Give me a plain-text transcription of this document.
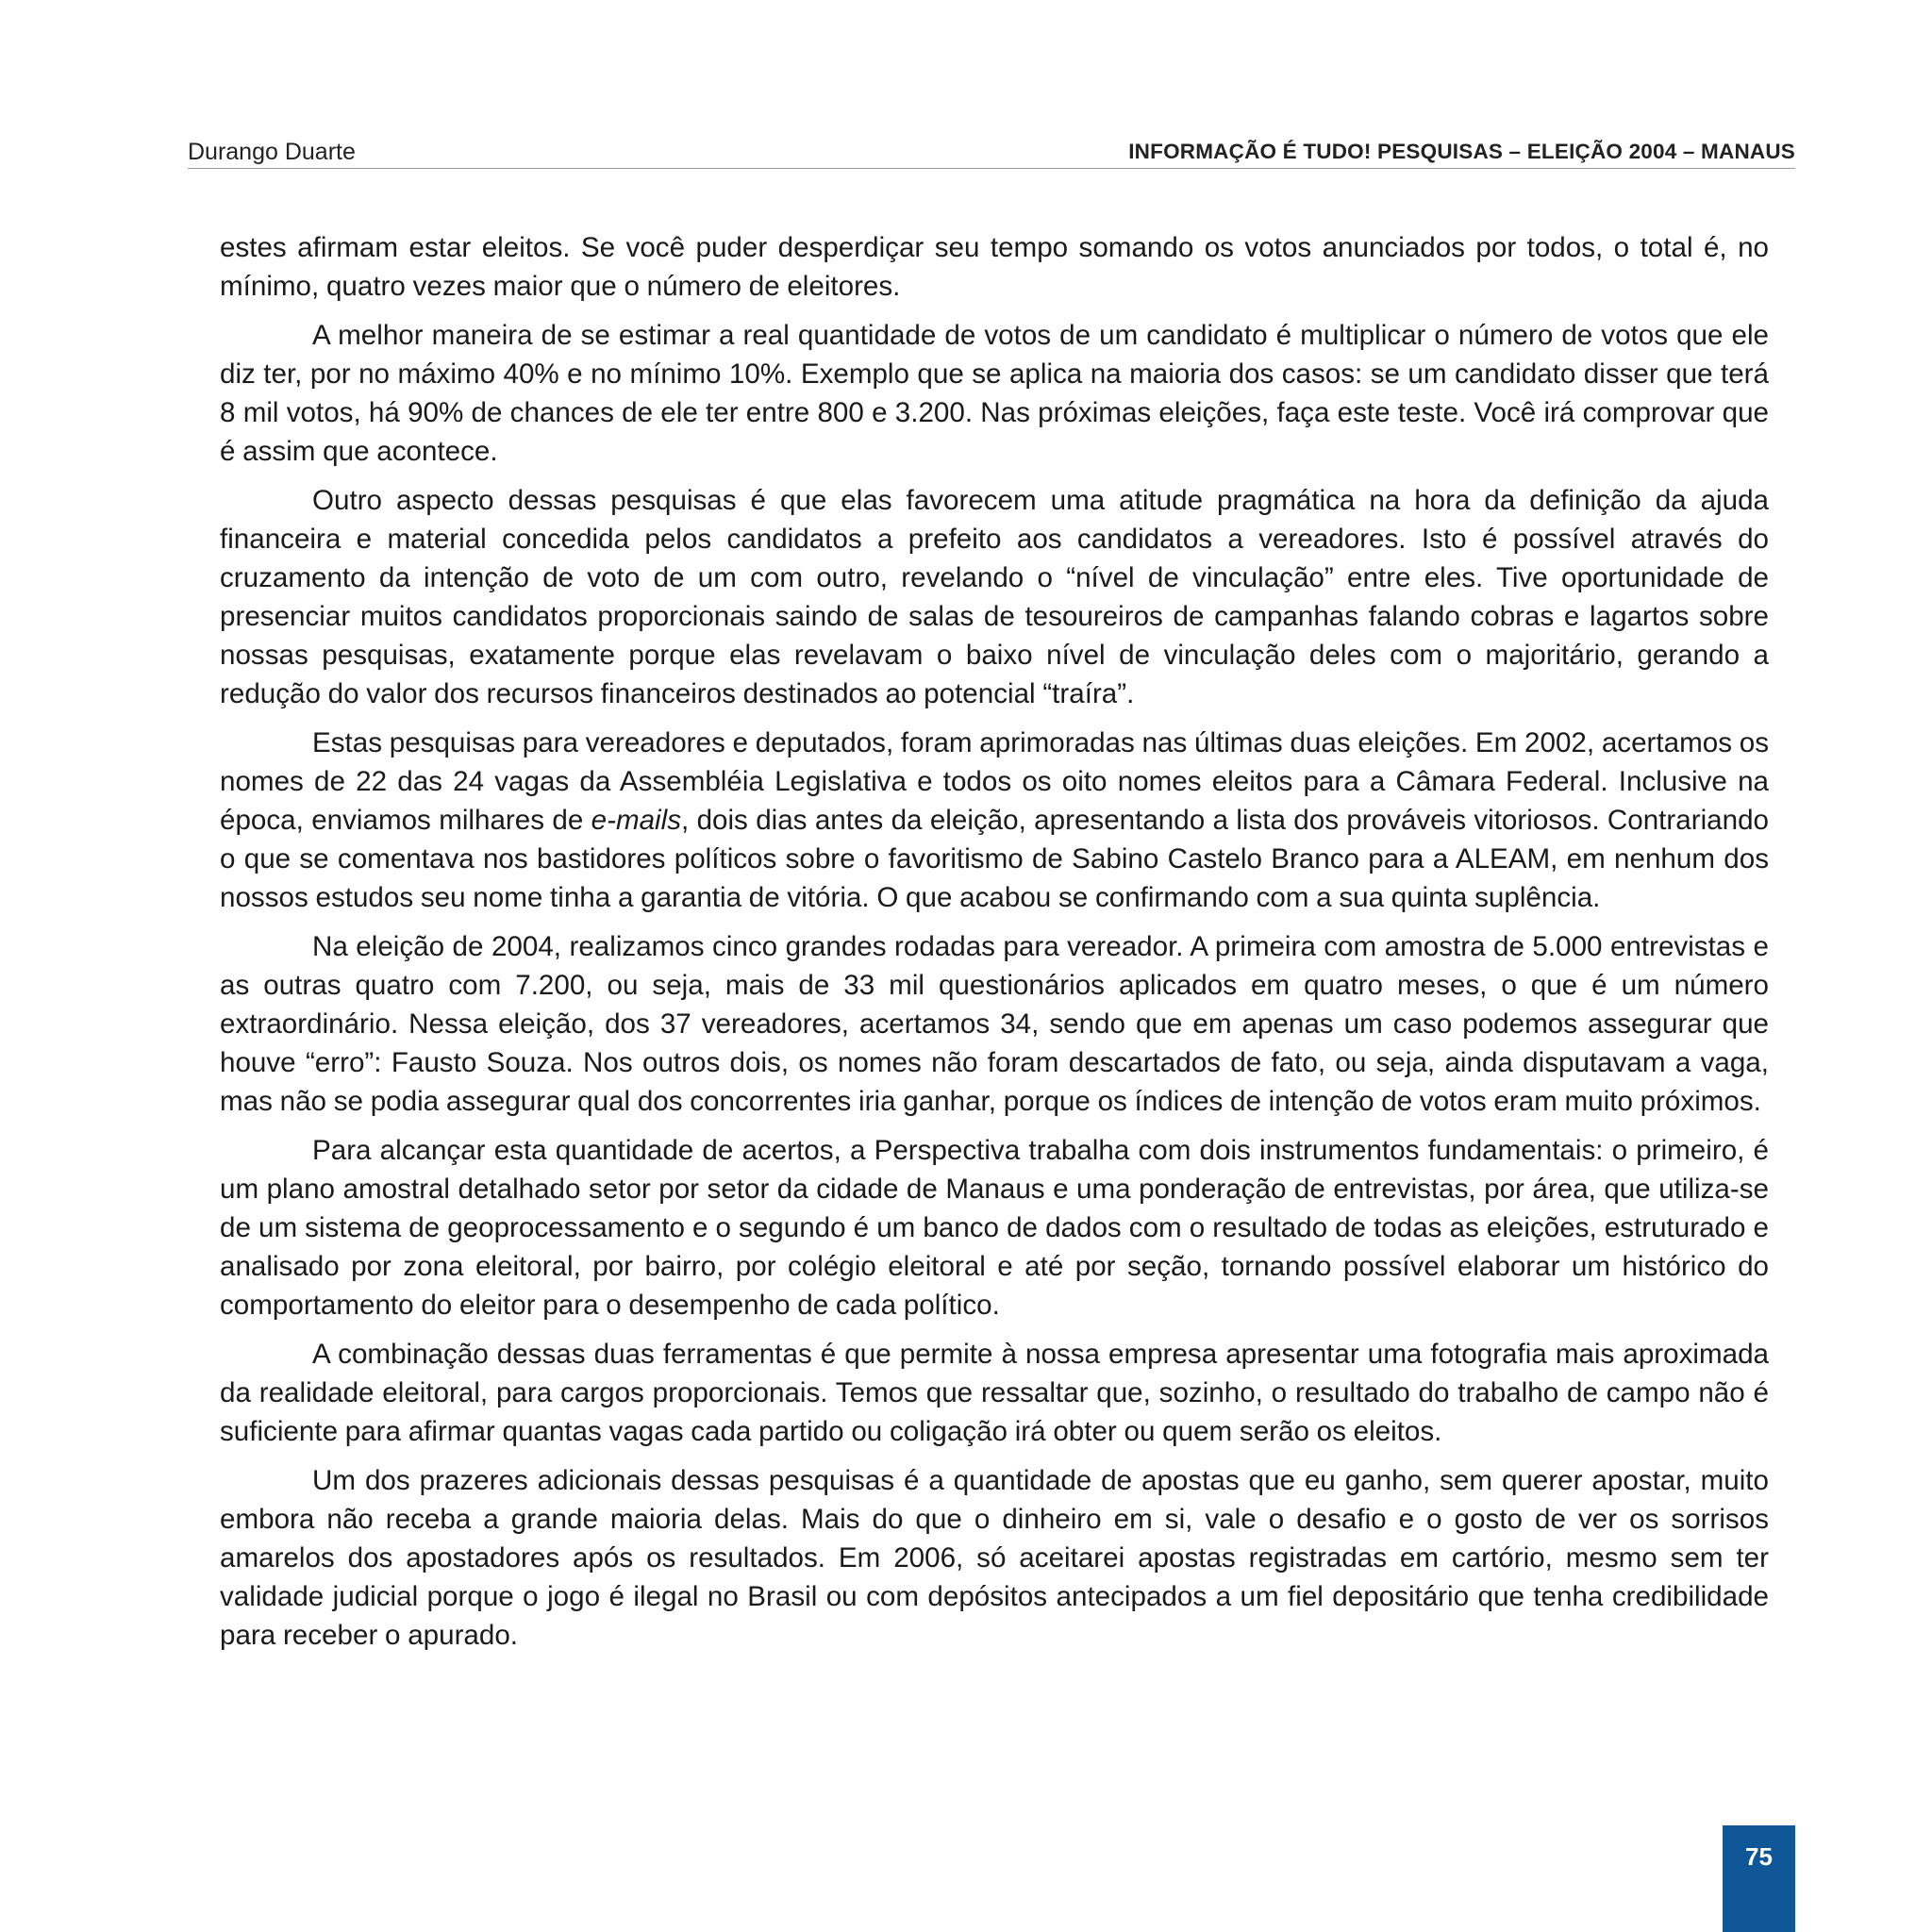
Durango Duarte	INFORMAÇÃO É TUDO! PESQUISAS – ELEIÇÃO 2004 – MANAUS

estes afirmam estar eleitos. Se você puder desperdiçar seu tempo somando os votos anunciados por todos, o total é, no mínimo, quatro vezes maior que o número de eleitores.

A melhor maneira de se estimar a real quantidade de votos de um candidato é multiplicar o número de votos que ele diz ter, por no máximo 40% e no mínimo 10%. Exemplo que se aplica na maioria dos casos: se um candidato disser que terá 8 mil votos, há 90% de chances de ele ter entre 800 e 3.200. Nas próximas eleições, faça este teste. Você irá comprovar que é assim que acontece.

Outro aspecto dessas pesquisas é que elas favorecem uma atitude pragmática na hora da definição da ajuda financeira e material concedida pelos candidatos a prefeito aos candidatos a vereadores. Isto é possível através do cruzamento da intenção de voto de um com outro, revelando o “nível de vinculação” entre eles. Tive oportunidade de presenciar muitos candidatos proporcionais saindo de salas de tesoureiros de campanhas falando cobras e lagartos sobre nossas pesquisas, exatamente porque elas revelavam o baixo nível de vinculação deles com o majoritário, gerando a redução do valor dos recursos financeiros destinados ao potencial “traíra”.

Estas pesquisas para vereadores e deputados, foram aprimoradas nas últimas duas eleições. Em 2002, acertamos os nomes de 22 das 24 vagas da Assembléia Legislativa e todos os oito nomes eleitos para a Câmara Federal. Inclusive na época, enviamos milhares de e-mails, dois dias antes da eleição, apresentando a lista dos prováveis vitoriosos. Contrariando o que se comentava nos bastidores políticos sobre o favoritismo de Sabino Castelo Branco para a ALEAM, em nenhum dos nossos estudos seu nome tinha a garantia de vitória. O que acabou se confirmando com a sua quinta suplência.

Na eleição de 2004, realizamos cinco grandes rodadas para vereador. A primeira com amostra de 5.000 entrevistas e as outras quatro com 7.200, ou seja, mais de 33 mil questionários aplicados em quatro meses, o que é um número extraordinário. Nessa eleição, dos 37 vereadores, acertamos 34, sendo que em apenas um caso podemos assegurar que houve “erro”: Fausto Souza. Nos outros dois, os nomes não foram descartados de fato, ou seja, ainda disputavam a vaga, mas não se podia assegurar qual dos concorrentes iria ganhar, porque os índices de intenção de votos eram muito próximos.

Para alcançar esta quantidade de acertos, a Perspectiva trabalha com dois instrumentos fundamentais: o primeiro, é um plano amostral detalhado setor por setor da cidade de Manaus e uma ponderação de entrevistas, por área, que utiliza-se de um sistema de geoprocessamento e o segundo é um banco de dados com o resultado de todas as eleições, estruturado e analisado por zona eleitoral, por bairro, por colégio eleitoral e até por seção, tornando possível elaborar um histórico do comportamento do eleitor para o desempenho de cada político.

A combinação dessas duas ferramentas é que permite à nossa empresa apresentar uma fotografia mais aproximada da realidade eleitoral, para cargos proporcionais. Temos que ressaltar que, sozinho, o resultado do trabalho de campo não é suficiente para afirmar quantas vagas cada partido ou coligação irá obter ou quem serão os eleitos.

Um dos prazeres adicionais dessas pesquisas é a quantidade de apostas que eu ganho, sem querer apostar, muito embora não receba a grande maioria delas. Mais do que o dinheiro em si, vale o desafio e o gosto de ver os sorrisos amarelos dos apostadores após os resultados. Em 2006, só aceitarei apostas registradas em cartório, mesmo sem ter validade judicial porque o jogo é ilegal no Brasil ou com depósitos antecipados a um fiel depositário que tenha credibilidade para receber o apurado.

75
